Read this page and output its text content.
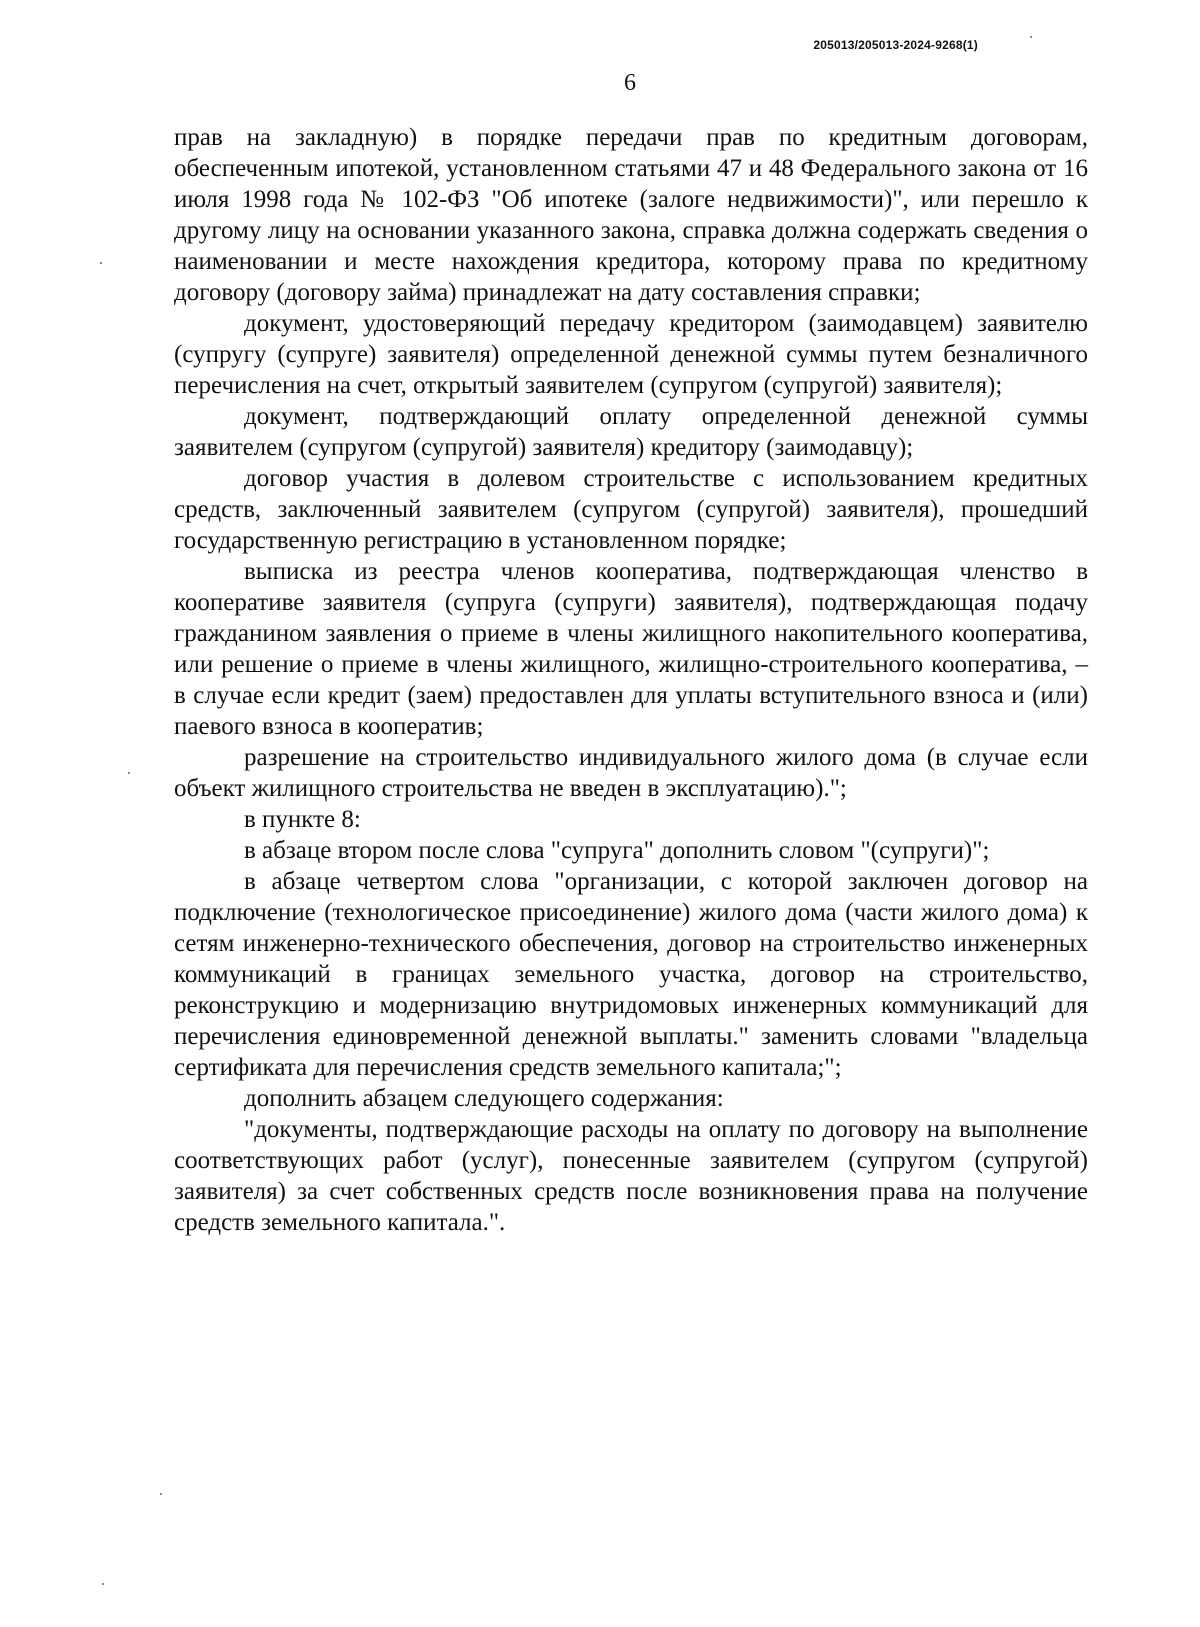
205013/205013-2024-9268(1)
6

прав на закладную) в порядке передачи прав по кредитным договорам, обеспеченным ипотекой, установленном статьями 47 и 48 Федерального закона от 16 июля 1998 года № 102-ФЗ "Об ипотеке (залоге недвижимости)", или перешло к другому лицу на основании указанного закона, справка должна содержать сведения о наименовании и месте нахождения кредитора, которому права по кредитному договору (договору займа) принадлежат на дату составления справки;

документ, удостоверяющий передачу кредитором (заимодавцем) заявителю (супругу (супруге) заявителя) определенной денежной суммы путем безналичного перечисления на счет, открытый заявителем (супругом (супругой) заявителя);

документ, подтверждающий оплату определенной денежной суммы заявителем (супругом (супругой) заявителя) кредитору (заимодавцу);

договор участия в долевом строительстве с использованием кредитных средств, заключенный заявителем (супругом (супругой) заявителя), прошедший государственную регистрацию в установленном порядке;

выписка из реестра членов кооператива, подтверждающая членство в кооперативе заявителя (супруга (супруги) заявителя), подтверждающая подачу гражданином заявления о приеме в члены жилищного накопительного кооператива, или решение о приеме в члены жилищного, жилищно-строительного кооператива, – в случае если кредит (заем) предоставлен для уплаты вступительного взноса и (или) паевого взноса в кооператив;

разрешение на строительство индивидуального жилого дома (в случае если объект жилищного строительства не введен в эксплуатацию).";

в пункте 8:

в абзаце втором после слова "супруга" дополнить словом "(супруги)";

в абзаце четвертом слова "организации, с которой заключен договор на подключение (технологическое присоединение) жилого дома (части жилого дома) к сетям инженерно-технического обеспечения, договор на строительство инженерных коммуникаций в границах земельного участка, договор на строительство, реконструкцию и модернизацию внутридомовых инженерных коммуникаций для перечисления единовременной денежной выплаты." заменить словами "владельца сертификата для перечисления средств земельного капитала;";

дополнить абзацем следующего содержания:

"документы, подтверждающие расходы на оплату по договору на выполнение соответствующих работ (услуг), понесенные заявителем (супругом (супругой) заявителя) за счет собственных средств после возникновения права на получение средств земельного капитала.".
